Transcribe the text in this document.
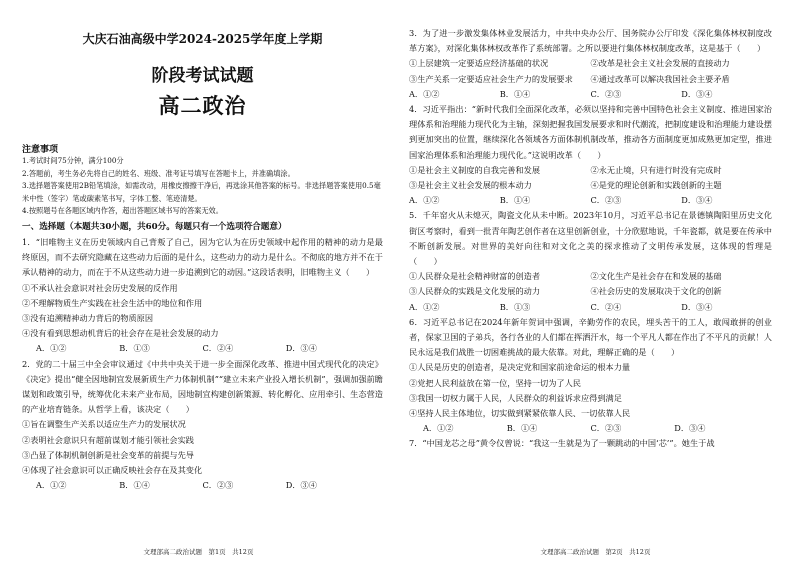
大庆石油高级中学2024-2025学年度上学期
阶段考试试题
高二政治
注意事项
1.考试时间75分钟，满分100分
2.答题前，考生务必先将自己的姓名、班级、准考证号填写在答题卡上，并准确填涂。
3.选择题答案使用2B铅笔填涂，如需改动，用橡皮擦擦干净后，再选涂其他答案的标号。非选择题答案使用0.5毫米中性（签字）笔或碳素笔书写，字体工整、笔迹清楚。
4.按照题号在各题区域内作答，超出答题区域书写的答案无效。
一、选择题（本题共30小题，共60分。每题只有一个选项符合题意）
1．“旧唯物主义在历史领域内自己背叛了自己，因为它认为在历史领域中起作用的精神的动力是最终原因，而不去研究隐藏在这些动力后面的是什么，这些动力的动力是什么。不彻底的地方并不在于承认精神的动力，而在于不从这些动力进一步追溯到它的动因。”这段话表明，旧唯物主义（　　）
①不承认社会意识对社会历史发展的反作用
②不理解物质生产实践在社会生活中的地位和作用
③没有追溯精神动力背后的物质原因
④没有看到思想动机背后的社会存在是社会发展的动力
A．①②	B．①③	C．②④	D．③④
2．党的二十届三中全会审议通过《中共中央关于进一步全面深化改革、推进中国式现代化的决定》《决定》提出“健全因地制宜发展新质生产力体制机制”“建立未来产业投入增长机制”，强调加强前瞻谋划和政策引导，统筹优化未来产业布局，因地制宜构建创新策源、转化孵化、应用牵引、生态营造的产业培育链条。从哲学上看，该决定（　　）
①旨在调整生产关系以适应生产力的发展状况
②表明社会意识只有超前谋划才能引领社会实践
③凸显了体制机制创新是社会变革的前提与先导
④体现了社会意识可以正确反映社会存在及其变化
A．①②	B．①④	C．②③	D．③④
文理部高二政治试题　第1页　共12页
3．为了进一步激发集体林业发展活力，中共中央办公厅、国务院办公厅印发《深化集体林权制度改革方案》，对深化集体林权改革作了系统部署。之所以要进行集体林权制度改革，这是基于（　　）
①上层建筑一定要适应经济基础的状况	②改革是社会主义社会发展的直接动力
③生产关系一定要适应社会生产力的发展要求	④通过改革可以解决我国社会主要矛盾
A．①②	B．①④	C．②③	D．③④
4．习近平指出：“新时代我们全面深化改革，必须以坚持和完善中国特色社会主义制度、推进国家治理体系和治理能力现代化为主轴，深刻把握我国发展要求和时代潮流，把制度建设和治理能力建设摆到更加突出的位置，继续深化各领域各方面体制机制改革，推动各方面制度更加成熟更加定型，推进国家治理体系和治理能力现代化。”这说明改革（　　）
①是社会主义制度的自我完善和发展	②永无止境，只有进行时没有完成时
③是社会主义社会发展的根本动力	④是党的理论创新和实践创新的主题
A．①②	B．①④	C．②③	D．③④
5．千年窑火从未熄灭，陶瓷文化从未中断。2023年10月，习近平总书记在景德镇陶阳里历史文化街区考察时，看到一批青年陶艺创作者在这里创新创业，十分欣慰地说，千年瓷都，就是要在传承中不断创新发展。对世界的美好向往和对文化之美的探求推动了文明传承发展，这体现的哲理是（　　）
①人民群众是社会精神财富的创造者	②文化生产是社会存在和发展的基础
③人民群众的实践是文化发展的动力	④社会历史的发展取决于文化的创新
A．①②	B．①③	C．②④	D．③④
6．习近平总书记在2024年新年贺词中强调，辛勤劳作的农民，埋头苦干的工人，敢闯敢拼的创业者，保家卫国的子弟兵，各行各业的人们都在挥洒汗水，每一个平凡人都在作出了不平凡的贡献！人民永远是我们战胜一切困难挑战的最大依靠。对此，理解正确的是（　　）
①人民是历史的创造者，是决定党和国家前途命运的根本力量
②党把人民利益放在第一位，坚持一切为了人民
③我国一切权力属于人民，人民群众的利益诉求应得到满足
④坚持人民主体地位，切实做到紧紧依靠人民、一切依靠人民
A．①②	B．①④	C．②③	D．③④
7．“中国龙芯之母”黄令仪曾说：“我这一生就是为了一颗跳动的中国‘芯’”。她生于战
文理部高二政治试题　第2页　共12页
